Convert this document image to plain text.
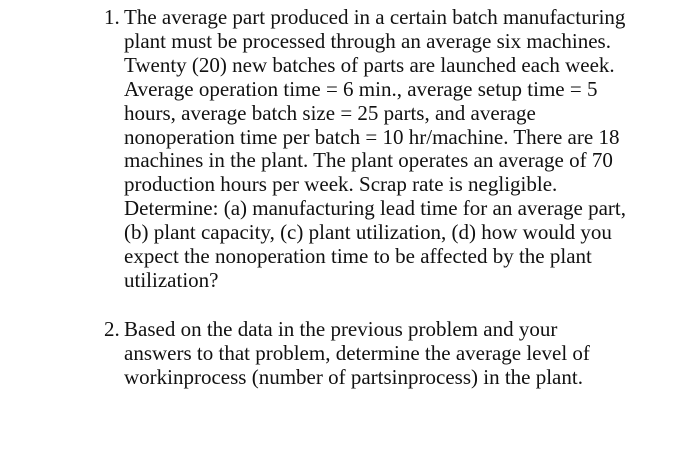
1. The average part produced in a certain batch manufacturing
plant must be processed through an average six machines.
Twenty (20) new batches of parts are launched each week.
Average operation time = 6 min., average setup time = 5
hours, average batch size = 25 parts, and average
nonoperation time per batch = 10 hr/machine. There are 18
machines in the plant. The plant operates an average of 70
production hours per week. Scrap rate is negligible.
Determine: (a) manufacturing lead time for an average part,
(b) plant capacity, (c) plant utilization, (d) how would you
expect the nonoperation time to be affected by the plant
utilization?
2. Based on the data in the previous problem and your
answers to that problem, determine the average level of
workinprocess (number of partsinprocess) in the plant.
